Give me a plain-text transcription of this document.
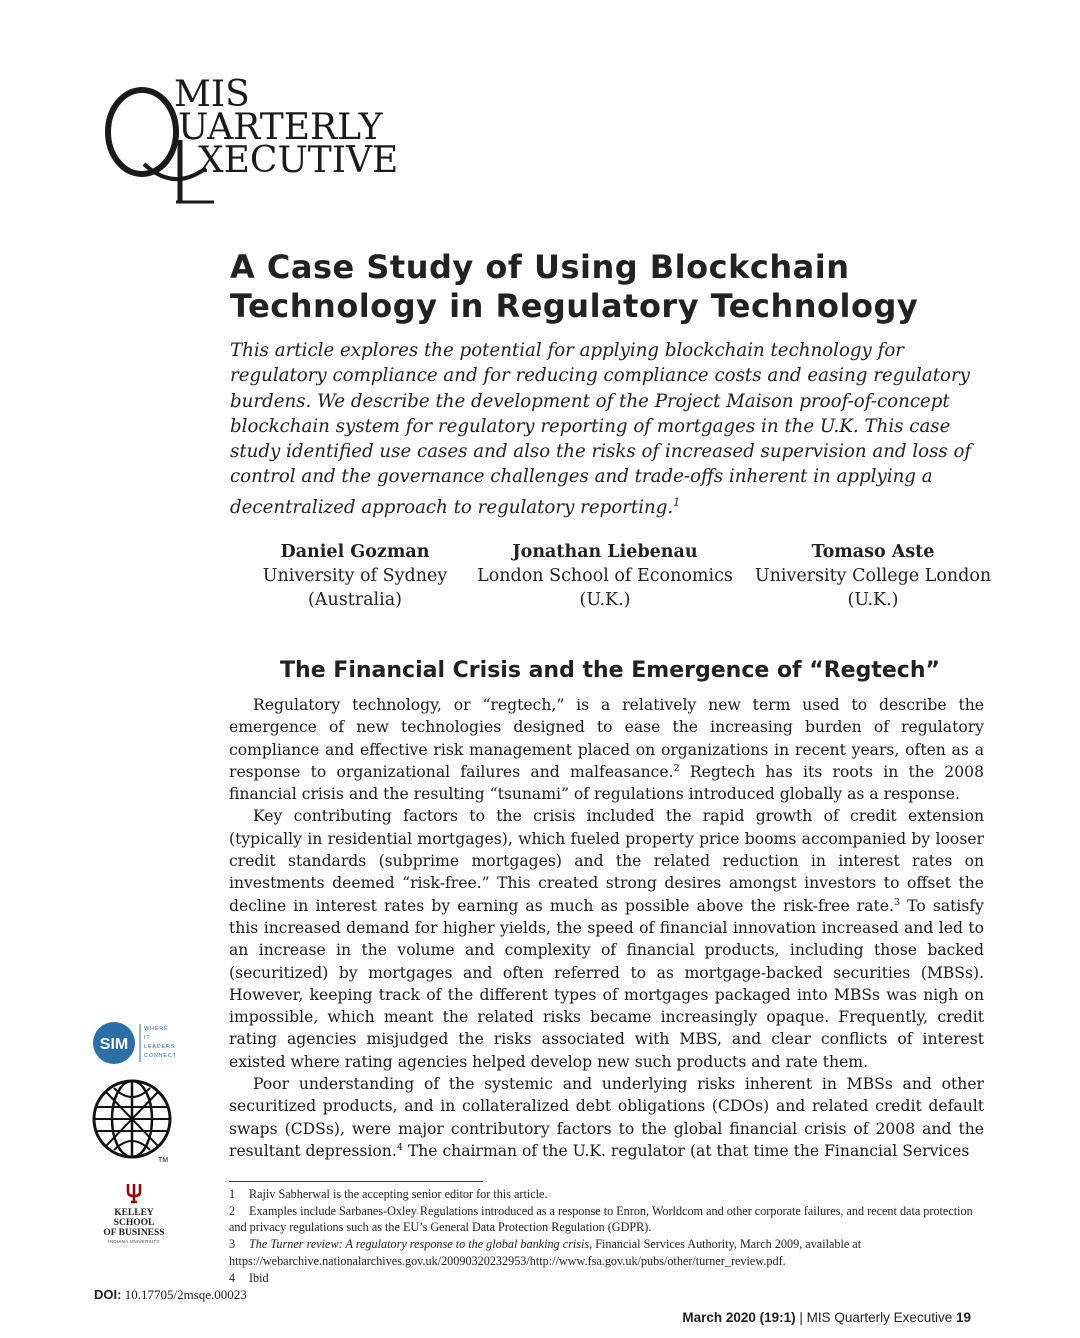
MIS
UARTERLY
XECUTIVE
A Case Study of Using Blockchain
Technology in Regulatory Technology

This article explores the potential for applying blockchain technology for regulatory compliance and for reducing compliance costs and easing regulatory burdens. We describe the development of the Project Maison proof-of-concept blockchain system for regulatory reporting of mortgages in the U.K. This case study identified use cases and also the risks of increased supervision and loss of control and the governance challenges and trade-offs inherent in applying a decentralized approach to regulatory reporting.$^1$

Daniel Gozman
University of Sydney
(Australia)
Jonathan Liebenau
London School of Economics
(U.K.)
Tomaso Aste
University College London
(U.K.)
The Financial Crisis and the Emergence of “Regtech”

Regulatory technology, or “regtech,” is a relatively new term used to describe the emergence of new technologies designed to ease the increasing burden of regulatory compliance and effective risk management placed on organizations in recent years, often as a response to organizational failures and malfeasance.$^2$ Regtech has its roots in the 2008 financial crisis and the resulting “tsunami” of regulations introduced globally as a response.

Key contributing factors to the crisis included the rapid growth of credit extension (typically in residential mortgages), which fueled property price booms accompanied by looser credit standards (subprime mortgages) and the related reduction in interest rates on investments deemed “risk-free.” This created strong desires amongst investors to offset the decline in interest rates by earning as much as possible above the risk-free rate.$^3$ To satisfy this increased demand for higher yields, the speed of financial innovation increased and led to an increase in the volume and complexity of financial products, including those backed (securitized) by mortgages and often referred to as mortgage-backed securities (MBSs). However, keeping track of the different types of mortgages packaged into MBSs was nigh on impossible, which meant the related risks became increasingly opaque. Frequently, credit rating agencies misjudged the risks associated with MBS, and clear conflicts of interest existed where rating agencies helped develop new such products and rate them.

Poor understanding of the systemic and underlying risks inherent in MBSs and other securitized products, and in collateralized debt obligations (CDOs) and related credit default swaps (CDSs), were major contributory factors to the global financial crisis of 2008 and the resultant depression.$^4$ The chairman of the U.K. regulator (at that time the Financial Services

1 Rajiv Sabherwal is the accepting senior editor for this article.

2 Examples include Sarbanes-Oxley Regulations introduced as a response to Enron, Worldcom and other corporate failures, and recent data protection and privacy regulations such as the EU’s General Data Protection Regulation (GDPR).

3 The Turner review: A regulatory response to the global banking crisis, Financial Services Authority, March 2009, available at https://webarchive.nationalarchives.gov.uk/20090320232953/http://www.fsa.gov.uk/pubs/other/turner_review.pdf.

4 Ibid

SIM
WHERE
IT
LEADERS
CONNECT
TM
KELLEY SCHOOL
OF BUSINESS
INDIANA UNIVERSITY
DOI: 10.17705/2msqe.00023
March 2020 (19:1) | MIS Quarterly Executive 19
